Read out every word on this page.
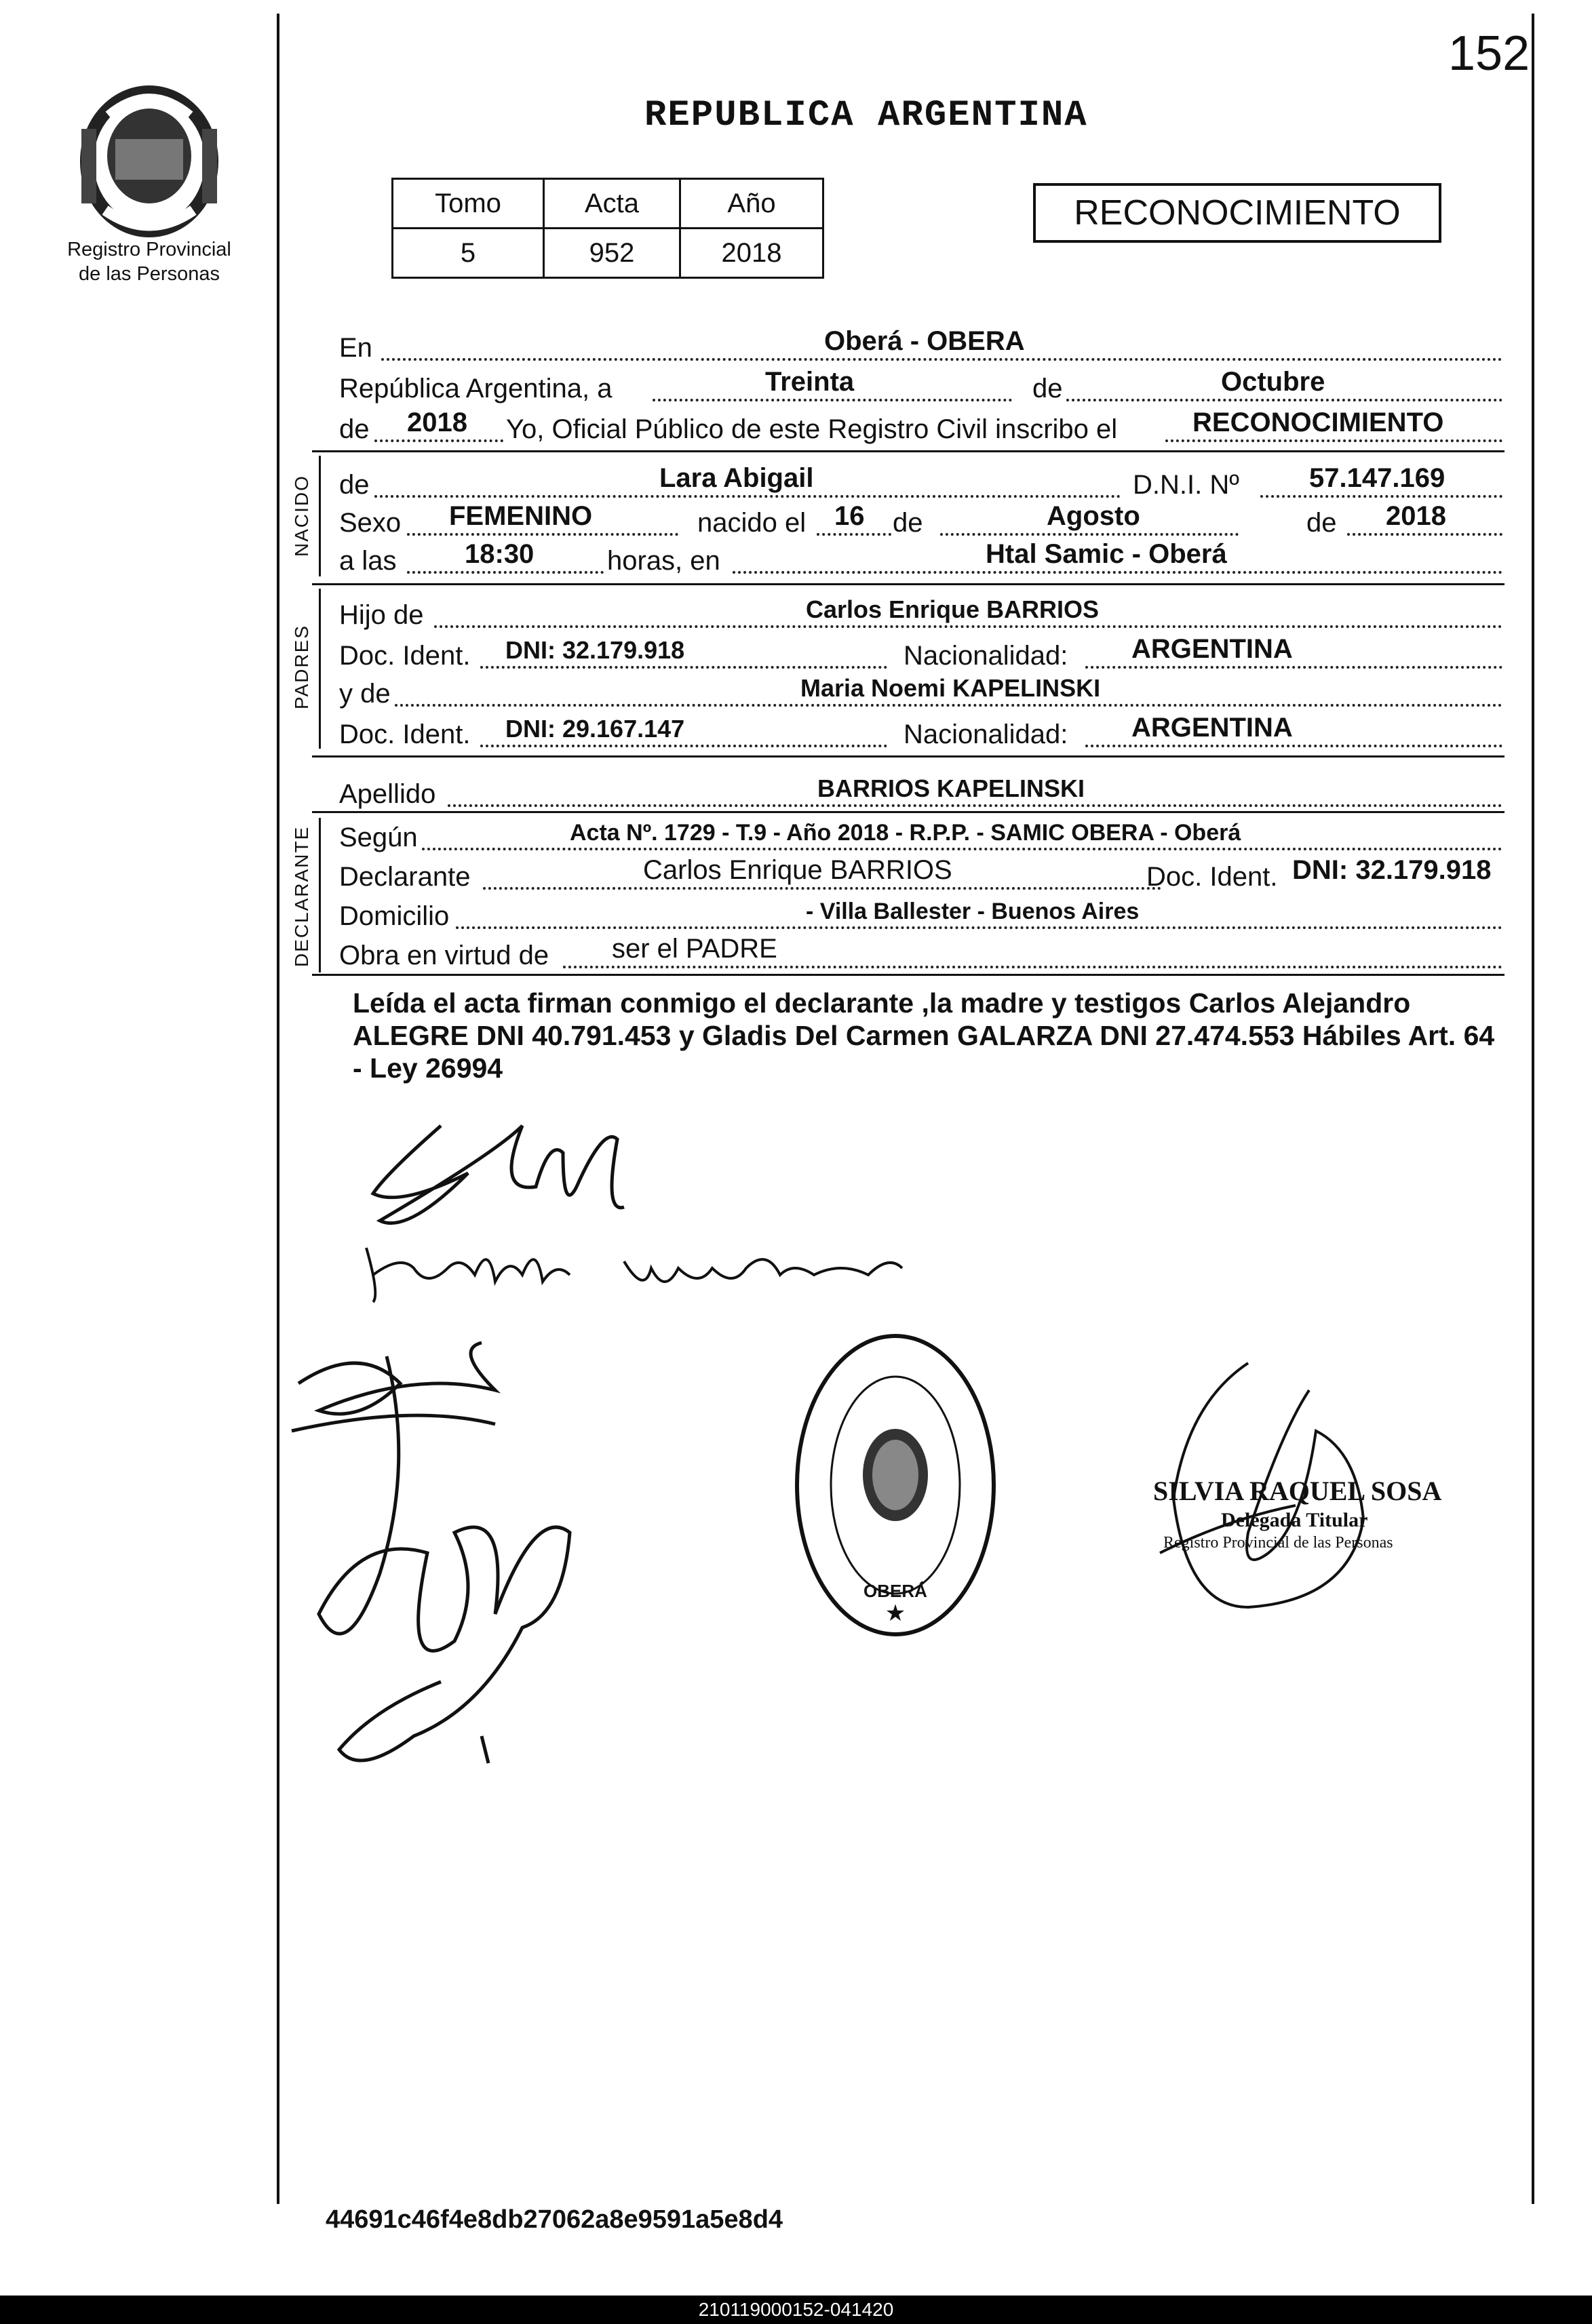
152
Registro Provincial
de las Personas
REPUBLICA ARGENTINA
Tomo	Acta	Año
5	952	2018
RECONOCIMIENTO
En	Oberá - OBERA
República Argentina, a	Treinta	de	Octubre
de 2018 Yo, Oficial Público de este Registro Civil inscribo el	RECONOCIMIENTO
NACIDO de	Lara Abigail	D.N.I. Nº	57.147.169
Sexo FEMENINO	nacido el 16 de	Agosto	de 2018
a las	18:30	horas, en	Htal Samic - Oberá
PADRES
Hijo de	Carlos Enrique BARRIOS
Doc. Ident. DNI: 32.179.918	Nacionalidad: ARGENTINA
y de	Maria Noemi KAPELINSKI
Doc. Ident. DNI: 29.167.147	Nacionalidad: ARGENTINA
Apellido	BARRIOS KAPELINSKI
DECLARANTE Según	Acta Nº. 1729 - T.9 - Año 2018 - R.P.P. - SAMIC OBERA - Oberá
Declarante	Carlos Enrique BARRIOS	Doc. Ident. DNI: 32.179.918
Domicilio	- Villa Ballester - Buenos Aires
Obra en virtud de ser el PADRE
Leída el acta firman conmigo el declarante ,la madre y testigos Carlos Alejandro ALEGRE DNI 40.791.453 y Gladis Del Carmen GALARZA DNI 27.474.553 Hábiles Art. 64 - Ley 26994
OBERÁ
★
SILVIA RAQUEL SOSA
Delegada Titular
Registro Provincial de las Personas
44691c46f4e8db27062a8e9591a5e8d4
210119000152-041420
